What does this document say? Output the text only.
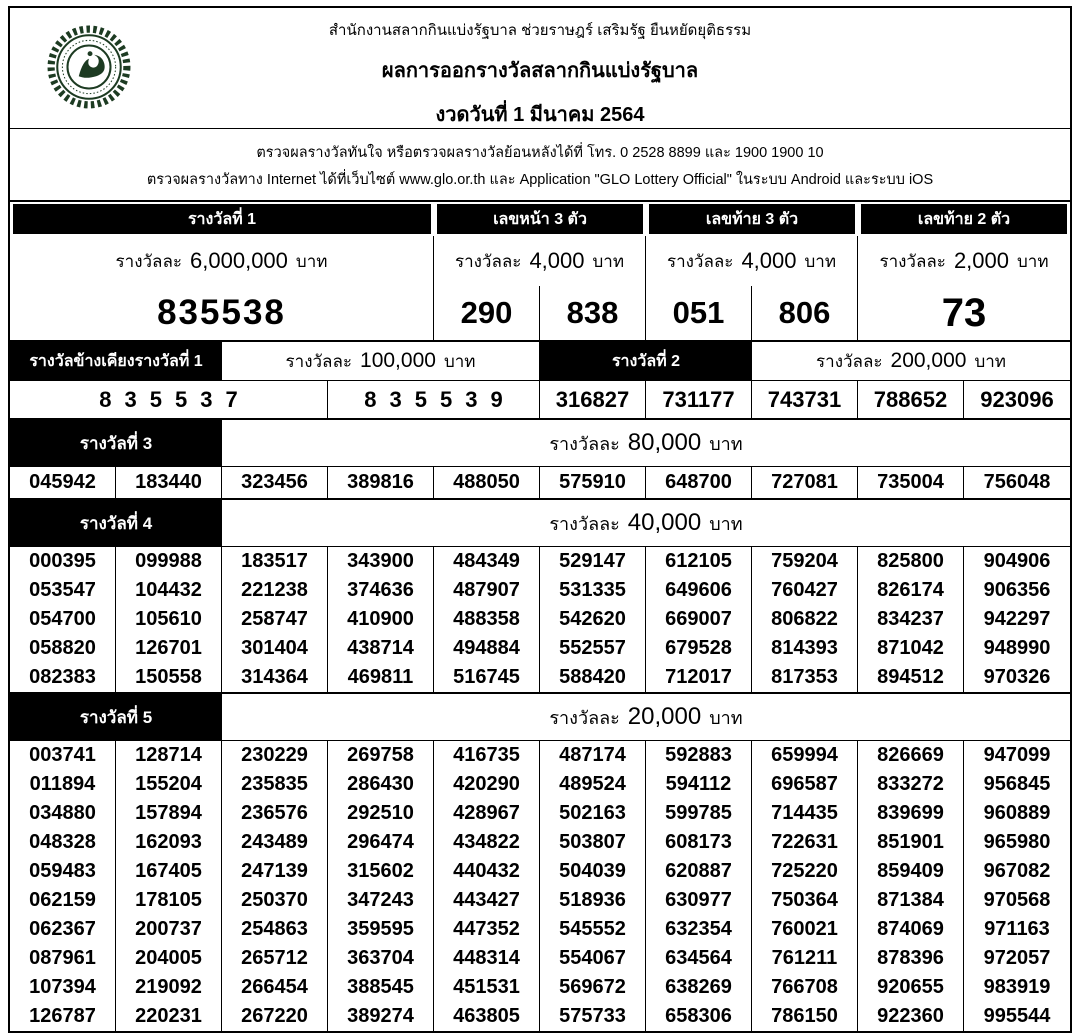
สำนักงานสลากกินแบ่งรัฐบาล ช่วยราษฎร์ เสริมรัฐ ยืนหยัดยุติธรรม
ผลการออกรางวัลสลากกินแบ่งรัฐบาล
งวดวันที่ 1 มีนาคม 2564
ตรวจผลรางวัลทันใจ หรือตรวจผลรางวัลย้อนหลังได้ที่ โทร. 0 2528 8899 และ 1900 1900 10
ตรวจผลรางวัลทาง Internet ได้ที่เว็บไซต์ www.glo.or.th และ Application "GLO Lottery Official" ในระบบ Android และระบบ iOS
รางวัลที่ 1	เลขหน้า 3 ตัว	เลขท้าย 3 ตัว	เลขท้าย 2 ตัว
รางวัลละ 6,000,000 บาท	รางวัลละ 4,000 บาท	รางวัลละ 4,000 บาท	รางวัลละ 2,000 บาท
835538	290	838	051	806	73
รางวัลข้างเคียงรางวัลที่ 1	รางวัลละ 100,000 บาท	รางวัลที่ 2	รางวัลละ 200,000 บาท
835537	835539	316827	731177	743731	788652	923096
รางวัลที่ 3	รางวัลละ 80,000 บาท
045942	183440	323456	389816	488050	575910	648700	727081	735004	756048
รางวัลที่ 4	รางวัลละ 40,000 บาท
000395	099988	183517	343900	484349	529147	612105	759204	825800	904906
053547	104432	221238	374636	487907	531335	649606	760427	826174	906356
054700	105610	258747	410900	488358	542620	669007	806822	834237	942297
058820	126701	301404	438714	494884	552557	679528	814393	871042	948990
082383	150558	314364	469811	516745	588420	712017	817353	894512	970326
รางวัลที่ 5	รางวัลละ 20,000 บาท
003741	128714	230229	269758	416735	487174	592883	659994	826669	947099
011894	155204	235835	286430	420290	489524	594112	696587	833272	956845
034880	157894	236576	292510	428967	502163	599785	714435	839699	960889
048328	162093	243489	296474	434822	503807	608173	722631	851901	965980
059483	167405	247139	315602	440432	504039	620887	725220	859409	967082
062159	178105	250370	347243	443427	518936	630977	750364	871384	970568
062367	200737	254863	359595	447352	545552	632354	760021	874069	971163
087961	204005	265712	363704	448314	554067	634564	761211	878396	972057
107394	219092	266454	388545	451531	569672	638269	766708	920655	983919
126787	220231	267220	389274	463805	575733	658306	786150	922360	995544
